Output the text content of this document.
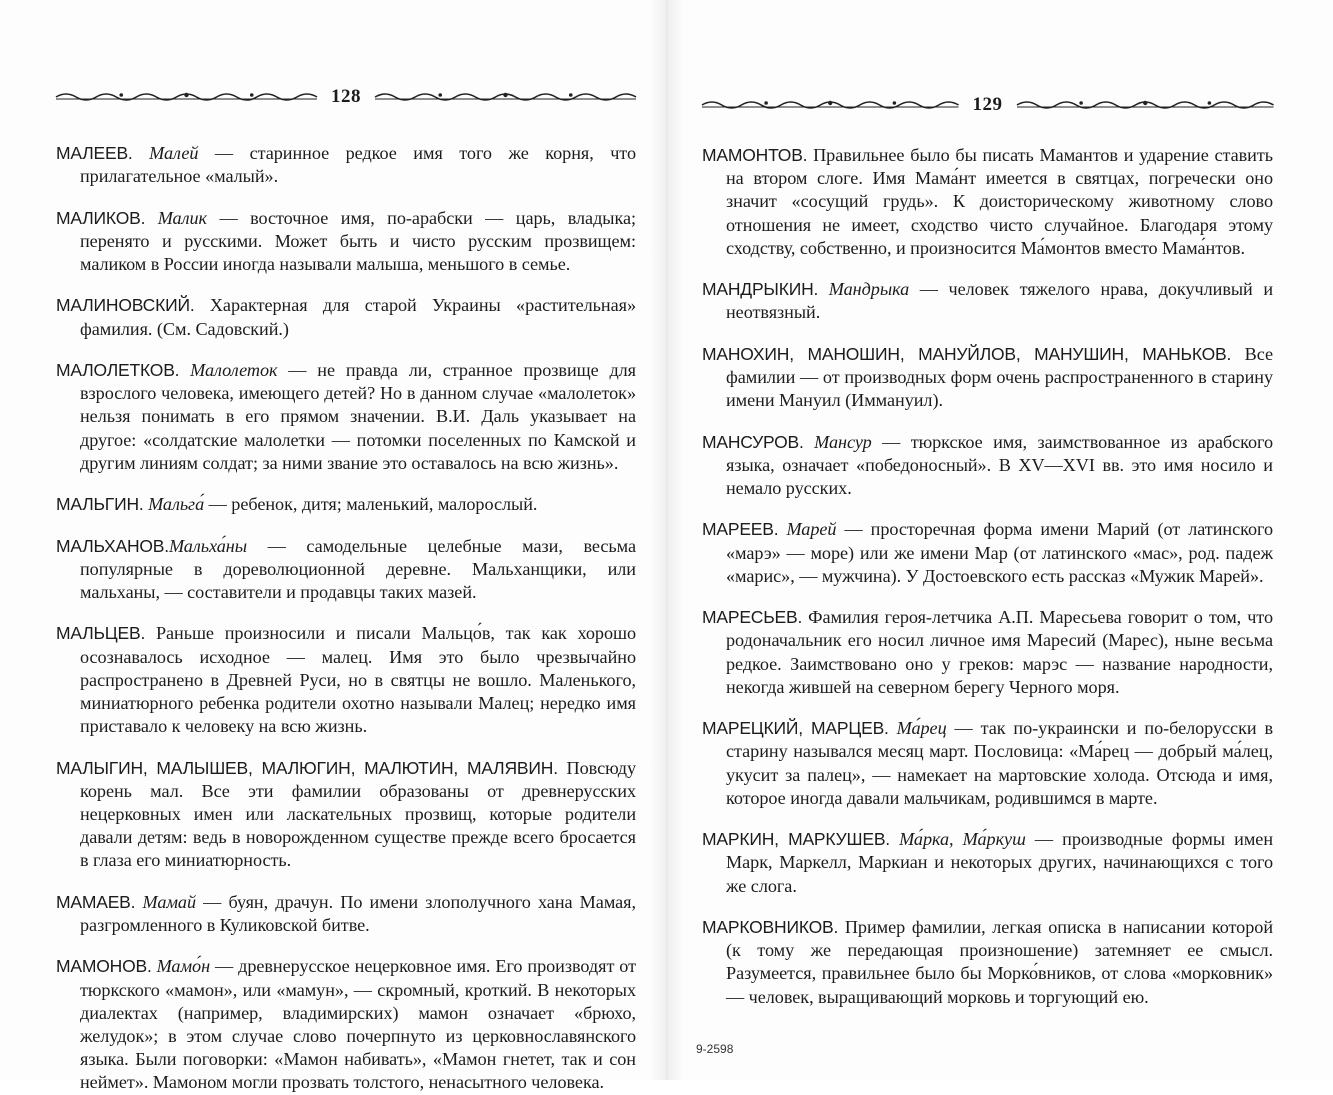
128

МАЛЕЕВ. Малей — старинное редкое имя того же корня, что прилагательное «малый».

МАЛИКОВ. Малик — восточное имя, по-арабски — царь, владыка; перенято и русскими. Может быть и чисто русским прозвищем: маликом в России иногда называли малыша, меньшого в семье.

МАЛИНОВСКИЙ. Характерная для старой Украины «растительная» фамилия. (См. Садовский.)

МАЛОЛЕТКОВ. Малолеток — не правда ли, странное прозвище для взрослого человека, имеющего детей? Но в данном случае «малолеток» нельзя понимать в его прямом значении. В.И. Даль указывает на другое: «солдатские малолетки — потомки поселенных по Камской и другим линиям солдат; за ними звание это оставалось на всю жизнь».

МАЛЬГИН. Мальга́ — ребенок, дитя; маленький, малорослый.

МАЛЬХАНОВ.Мальха́ны — самодельные целебные мази, весьма популярные в дореволюционной деревне. Мальханщики, или мальханы, — составители и продавцы таких мазей.

МАЛЬЦЕВ. Раньше произносили и писали Мальцо́в, так как хорошо осознавалось исходное — малец. Имя это было чрезвычайно распространено в Древней Руси, но в святцы не вошло. Маленького, миниатюрного ребенка родители охотно называли Малец; нередко имя приставало к человеку на всю жизнь.

МАЛЫГИН, МАЛЫШЕВ, МАЛЮГИН, МАЛЮТИН, МАЛЯВИН. Повсюду корень мал. Все эти фамилии образованы от древнерусских нецерковных имен или ласкательных прозвищ, которые родители давали детям: ведь в новорожденном существе прежде всего бросается в глаза его миниатюрность.

МАМАЕВ. Мамай — буян, драчун. По имени злополучного хана Мамая, разгромленного в Куликовской битве.

МАМОНОВ. Мамо́н — древнерусское нецерковное имя. Его производят от тюркского «мамон», или «мамун», — скромный, кроткий. В некоторых диалектах (например, владимирских) мамон означает «брюхо, желудок»; в этом случае слово почерпнуто из церковнославянского языка. Были поговорки: «Мамон набивать», «Мамон гнетет, так и сон неймет». Мамоном могли прозвать толстого, ненасытного человека.

129

МАМОНТОВ. Правильнее было бы писать Мамантов и ударение ставить на втором слоге. Имя Мама́нт имеется в святцах, погречески оно значит «сосущий грудь». К доисторическому животному слово отношения не имеет, сходство чисто случайное. Благодаря этому сходству, собственно, и произносится Ма́монтов вместо Мама́нтов.

МАНДРЫКИН. Мандрыка — человек тяжелого нрава, докучливый и неотвязный.

МАНОХИН, МАНОШИН, МАНУЙЛОВ, МАНУШИН, МАНЬКОВ. Все фамилии — от производных форм очень распространенного в старину имени Мануил (Иммануил).

МАНСУРОВ. Мансур — тюркское имя, заимствованное из арабского языка, означает «победоносный». В XV—XVI вв. это имя носило и немало русских.

МАРЕЕВ. Марей — просторечная форма имени Марий (от латинского «марэ» — море) или же имени Мар (от латинского «мас», род. падеж «марис», — мужчина). У Достоевского есть рассказ «Мужик Марей».

МАРЕСЬЕВ. Фамилия героя-летчика А.П. Маресьева говорит о том, что родоначальник его носил личное имя Маресий (Марес), ныне весьма редкое. Заимствовано оно у греков: марэс — название народности, некогда жившей на северном берегу Черного моря.

МАРЕЦКИЙ, МАРЦЕВ. Ма́рец — так по-украински и по-белорусски в старину назывался месяц март. Пословица: «Ма́рец — добрый ма́лец, укусит за палец», — намекает на мартовские холода. Отсюда и имя, которое иногда давали мальчикам, родившимся в марте.

МАРКИН, МАРКУШЕВ. Ма́рка, Ма́ркуш — производные формы имен Марк, Маркелл, Маркиан и некоторых других, начинающихся с того же слога.

МАРКОВНИКОВ. Пример фамилии, легкая описка в написании которой (к тому же передающая произношение) затемняет ее смысл. Разумеется, правильнее было бы Морко́вников, от слова «морковник» — человек, выращивающий морковь и торгующий ею.

9-2598
